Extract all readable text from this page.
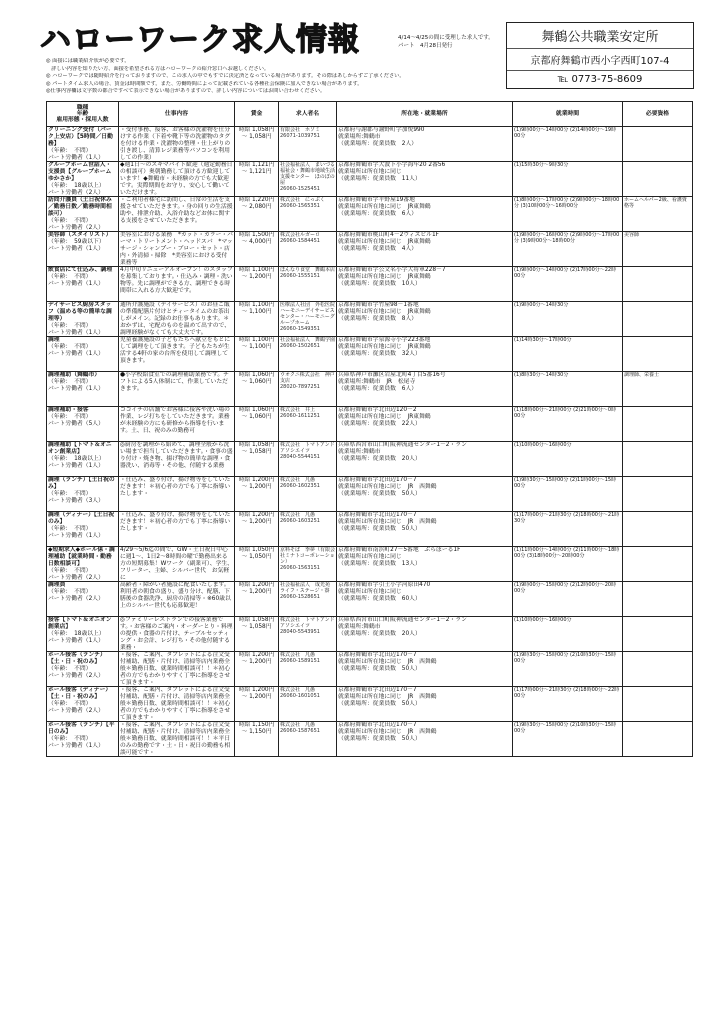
ハローワーク求人情報	4/14～4/25の間に受理した求人です。
パート　4月28日発行
舞鶴公共職業安定所
京都府舞鶴市西小字西町107-4
℡ 0773-75-8609
◎ 面接には職業紹介状が必要です。
　詳しい内容を知りたい方、面接を希望される方はハローワークの紹介窓口へお越しください。
◎ ハローワークでは随時紹介を行っておりますので、この求人の中でもすでに決定済となっている場合があります。その際はあしからずご了承ください。
◎ パートタイム求人の場合、賃金は時間額です。また、労働時間によって記載されている各種社会保険に加入できない場合があります。
◎仕事内容欄は文字数の都合ですべて表示できない場合がありますので、詳しい内容についてはお問い合わせください。
職種
年齢
雇用形態・採用人数	仕事内容	賃金	求人者名	所在地・就業場所	就業時間	必要資格

クリーニング受付（パーク上安店）【5時間／日勤務】
（年齢：　不問）
パート労働者（1人）	・受付事務、接客、お客様の洗濯物を仕分けする作業（下着や靴下等の洗濯物のタグを付ける作業・洗濯物の整理・仕上がりの引き渡し、清算レジ業務等パソコンを利用しての作業）	時給 1,058円 ～ 1,058円	有限会社　ホソミ
26071-1039751	京都府与謝郡与謝野町字加悦990
就業場所:舞鶴市
（就業場所：従業員数　2人）	(1)9時00分～14時00分 (2)14時00分～19時00分	

グループホーム世話人・支援員【グループホームゆかさか】
（年齢：　18歳以上）
パート労働者（2人）	◆週1日～のスキマバイト歓迎（週定勤務日の相談可）奥朝勤務して頂ける方歓迎しています！◆舞鶴市・未経験の方でも大歓迎です。実際期間をお守り、安心して働いていただけます。	時給 1,121円 ～ 1,121円	社会福祉法人　まいづる福祉会・舞鶴市地域生活支援センター　ほのぼの屋
26060-1525451	京都府舞鶴市字大波下小字海牢20 2番56
就業場所は所在地に同じ
（就業場所：従業員数　11人）	(1)15時30分～9時30分	

訪問介護員（土日祝休み／勤務日数／勤務時間相談可）
（年齢：　不問）
パート労働者（2人）	・ご利用者様宅に訪問し、日常の生活を支援させていただきます。・身の回りの生活援助や、排泄介助、入浴介助などお体に関する支援をさせていただきます。	時給 1,220円 ～ 2,080円	株式会社　にっぷく
26060-1565351	京都府舞鶴市字平野屋19番地
就業場所は所在地に同じ　JR東舞鶴
（就業場所：従業員数　6人）	(1)8時00分～17時00分 (2)9時00分～18時00分 (3)10時00分～16時00分	ホームヘルパー2級、看護資格等

美容師（スタイリスト）
（年齢：　59歳以下）
パート労働者（1人）	美容室における業務　*カット・カラー・パーマ・トリートメント・ヘッドスパ　*マッサージ・シャンプー・ブロー・セット・店内・外清掃・掃除　*美容室における受付業務等	時給 1,500円 ～ 4,000円	株式会社ルガーロ
26060-1584451	京都府舞鶴市桃山町4－2ウィズビル1F
就業場所は所在地に同じ　JR東舞鶴
（就業場所：従業員数　4人）	(1)9時00分～16時00分 (2)9時00分～17時00分 (3)9時00分～18時00分	美容師

飲食店にて仕込み、調理
（年齢：　不問）
パート労働者（1人）	4月中旬リニューアルオープン！のスタッフを募集しております。・仕込み・調理・洗い物等。先に調理ができる方、調理できる時間帯に入れる方大歓迎です。	時給 1,100円 ～ 1,200円	ほんなり食堂　舞鶴本店
26060-1555151	京都府舞鶴市字公文名小字大将軍228－7
就業場所は所在地に同じ　JR東舞鶴
（就業場所：従業員数　10人）	(1)9時00分～14時00分 (2)17時00分～22時00分	

デイサービス厨房スタッフ（温める等の簡単な調理等）
（年齢：　不問）
パート労働者（1人）	通所介護施設（デイサービス）のお昼ご飯の準備配膳片付けとティータイムのお茶出しがメイン。記録のお仕事もあります。＊おかずは、宅配のものを温めて出すので、調理経験がなくても大丈夫です。	時給 1,100円 ～ 1,100円	医療法人社団　外松医院　ハーモニーデイサービスセンター・ハーモニーグループホーム
26060-1549351	京都府舞鶴市字竹屋98－1番地
就業場所は所在地に同じ　JR東舞鶴
（就業場所：従業員数　8人）	(1)9時00分～14時30分	

調理
（年齢：　不問）
パート労働者（1人）	児童養護施設の子どもたちへ献立をもとにして調理をして頂きます。子どもたちが生活する4軒の家の台所を使用して調理して頂きます。	時給 1,100円 ～ 1,100円	社会福祉法人　舞鶴学園
26060-1502651	京都府舞鶴市字泉源寺小字223番地
就業場所は所在地に同じ　JR東舞鶴
（就業場所：従業員数　32人）	(1)14時30分～17時00分	

調理補助（舞鶴市）
（年齢：　不問）
パート労働者（1人）	●小学校給食室での調理補助業務です。チフトによる5人体制にて、作業していただきます。	時給 1,060円 ～ 1,060円	ウオクニ株式会社　神戸支店
28020-7897251	兵庫県神戸市灘区岩屋北町4丁目5番16号
就業場所:舞鶴市　JR　松尾寺
（就業場所：従業員数　6人）	(1)8時30分～14時30分	調理師、栄養士

調理補助・接客
（年齢：　不問）
パート労働者（5人）	ココイチの店舗でお客様に接客や洗い場の作業、レジ打ちをしていただきます。業務が未経験の方にも研修から指導を行います。土、日、祝のみの勤務可	時給 1,060円 ～ 1,060円	株式会社　井上
26060-1611251	京都府舞鶴市字北田辺120－2
就業場所は所在地に同じ　JR東舞鶴
（就業場所：従業員数　22人）	(1)18時00分～21時00分 (2)21時00分～0時00分	

調理補助【トマト＆オニオン創業店】
（年齢：　18歳以上）
パート労働者（1人）	◎厨房を調理から始めて、調理全般から洗い場まで担当していただきます。・食事の盛り付け・焼き物、揚げ物の簡単な調理・食器洗い、消毒等・その他、付随する業務	時給 1,058円 ～ 1,058円	株式会社　トマトアンドアソシエイツ
28040-5544151	兵庫県西宮市山口町阪神流通センター1－2・ラン
就業場所:舞鶴市
（就業場所：従業員数　20人）	(1)10時00分～16時00分	

調理（ランチ）【土日祝のみ】
（年齢：　不問）
パート労働者（3人）	・仕込み、盛り付け、揚げ物等をしていただきます！＊初心者の方でも丁寧に指導いたします・	時給 1,200円 ～ 1,200円	株式会社　凡愚
26060-1602351	京都府舞鶴市字北田辺170－7
就業場所は所在地に同じ　JR　西舞鶴
（就業場所：従業員数　50人）	(1)9時30分～15時00分 (2)11時00分～15時00分	

調理（ディナー）【土日祝のみ】
（年齢：　不問）
パート労働者（1人）	・仕込み、盛り付け、揚げ物等をしていただきます！＊初心者の方でも丁寧に指導いたします・	時給 1,200円 ～ 1,200円	株式会社　凡愚
26060-1603251	京都府舞鶴市字北田辺170－7
就業場所は所在地に同じ　JR　西舞鶴
（就業場所：従業員数　50人）	(1)17時00分～21時30分 (2)18時00分～21時30分	

◆短期求人◆ホール係・調理補助【就業時間・勤務日数相談可】
（年齢：　不問）
パート労働者（2人）	4/29～5/6迄の間で、GW・土日祝日中心に週1～、1日2～8時間の曜で勤務出来る方の短期募集！Wワーク（副業可）、学生、フリーター、主婦、シルバー世代　お気軽に	時給 1,050円 ～ 1,050円	京料そば　季夢（有限会社ミナトコーポレーション）
26060-1563151	京都府舞鶴市南浜町27－5番地　ぶらぼーる1F
就業場所は所在地に同じ
（就業場所：従業員数　13人）	(1)11時00分～14時00分 (2)11時00分～18時00分 (3)18時00分～20時00分	

調理員
（年齢：　不問）
パート労働者（2人）	高齢者・障がい者施設に配食いたします。利用者の朝食の盛り、盛り分け、配膳、下膳後の食器洗浄、厨房の清掃等・※60歳以上のシルバー世代も応募歓迎！	時給 1,200円 ～ 1,200円	社会福祉法人　成光苑　ライフ・ステージ・寮
26060-1528651	京都府舞鶴市字引土小字河原田470
就業場所は所在地に同じ
（就業場所：従業員数　60人）	(1)9時00分～15時00分 (2)12時00分～20時00分	

接客【トマト＆オニオン創業店】
（年齢：　18歳以上）
パート労働者（1人）	◎ファミリーレストランでの接客業務です。・お客様のご案内・オーダーとり・料理の提供・食器の片付け、テーブルセッティング・お会計、レジ打ち・その他付随する業務・	時給 1,058円 ～ 1,058円	株式会社　トマトアンドアソシエイツ
28040-5543951	兵庫県西宮市山口町阪神流通センター1－2・ラン
就業場所:舞鶴市
（就業場所：従業員数　20人）	(1)10時00分～16時00分	

ホール接客（ランチ）【土・日・祝のみ】
（年齢：　不問）
パート労働者（2人）	・接客、ご案内、タブレットによる注文受付補助、配膳・片付け、清掃等店内業務全般＊勤務日数、就業時間相談可！！＊初心者の方でもわかりやすく丁寧に指導をさせて頂きます・	時給 1,200円 ～ 1,200円	株式会社　凡愚
26060-1589151	京都府舞鶴市字北田辺170－7
就業場所は所在地に同じ　JR　西舞鶴
（就業場所：従業員数　50人）	(1)9時30分～15時00分 (2)10時30分～15時00分	

ホール接客（ディナー）【土・日・祝のみ】
（年齢：　不問）
パート労働者（2人）	・接客、ご案内、タブレットによる注文受付補助、配膳・片付け、清掃等店内業務全般＊勤務日数、就業時間相談可！！＊初心者の方でもわかりやすく丁寧に指導をさせて頂きます・	時給 1,200円 ～ 1,200円	株式会社　凡愚
26060-1601051	京都府舞鶴市字北田辺170－7
就業場所は所在地に同じ　JR　西舞鶴
（就業場所：従業員数　50人）	(1)17時00分～21時30分 (2)18時00分～22時00分	

ホール接客（ランチ）【平日のみ】
（年齢：　不問）
パート労働者（1人）	・接客、ご案内、タブレットによる注文受付補助、配膳・片付け、清掃等店内業務全般＊勤務日数、就業時間相談可！！＊平日のみの勤務です・土・日・祝日の勤務も相談可能です・	時給 1,150円 ～ 1,150円	株式会社　凡愚
26060-1587651	京都府舞鶴市字北田辺170－7
就業場所は所在地に同じ　JR　西舞鶴
（就業場所：従業員数　50人）	(1)9時30分～15時00分 (2)10時30分～15時00分	
